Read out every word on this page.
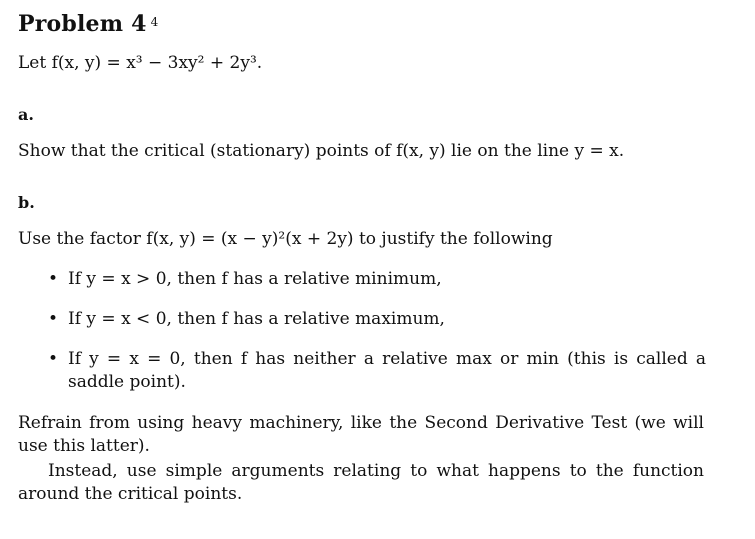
Problem 4 $^4$

Let f(x, y) = x³ − 3xy² + 2y³.

a.

Show that the critical (stationary) points of f(x, y) lie on the line y = x.

b.

Use the factor f(x, y) = (x − y)²(x + 2y) to justify the following

• If y = x > 0, then f has a relative minimum,
• If y = x < 0, then f has a relative maximum,
• If y = x = 0, then f has neither a relative max or min (this is called a saddle point).

Refrain from using heavy machinery, like the Second Derivative Test (we will use this latter).

Instead, use simple arguments relating to what happens to the function around the critical points.
